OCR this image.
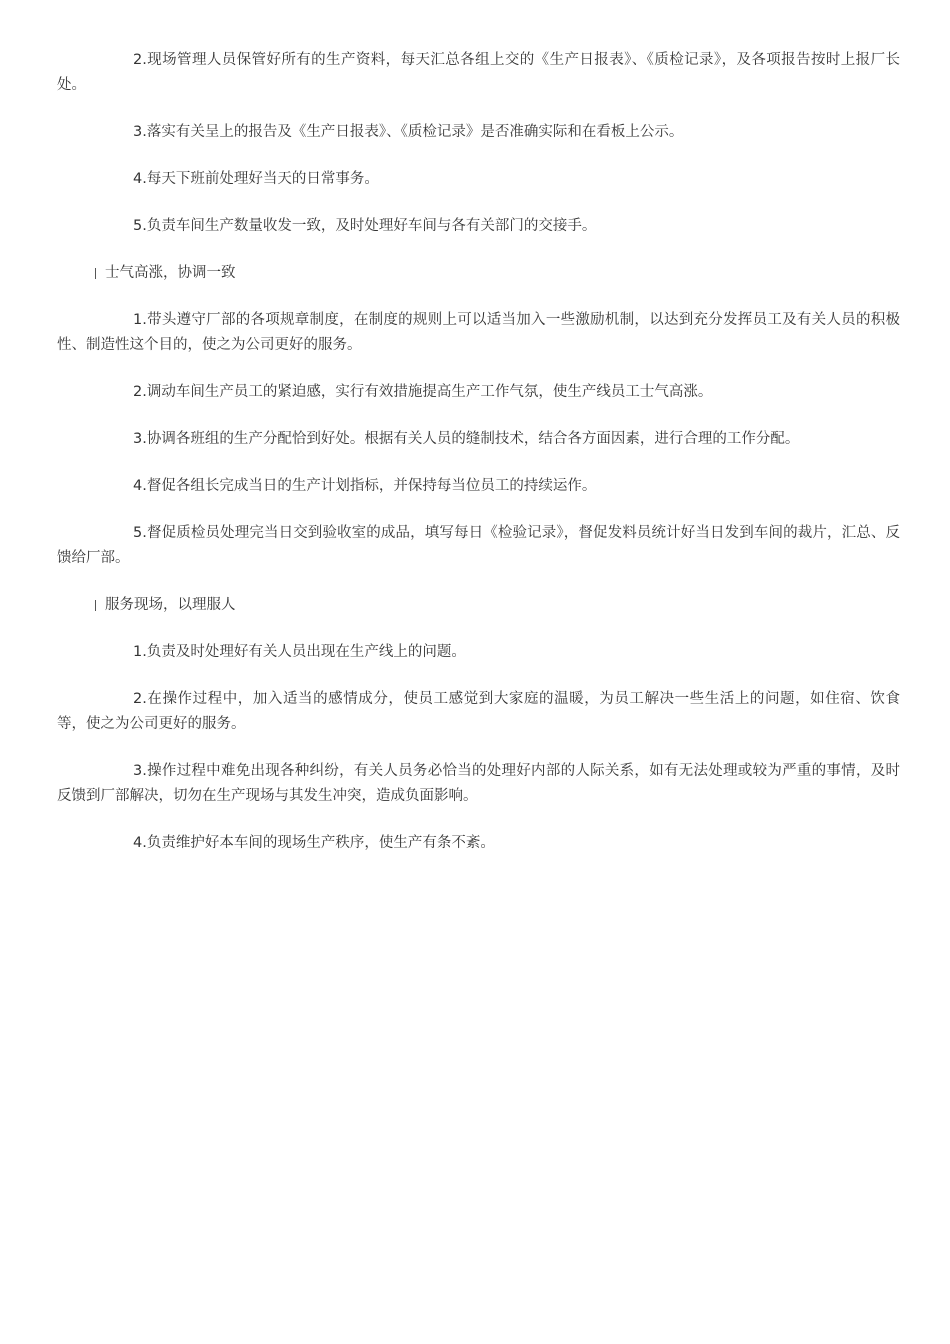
2.现场管理人员保管好所有的生产资料，每天汇总各组上交的《生产日报表》、《质检记录》，及各项报告按时上报厂长处。

3.落实有关呈上的报告及《生产日报表》、《质检记录》是否准确实际和在看板上公示。

4.每天下班前处理好当天的日常事务。

5.负责车间生产数量收发一致，及时处理好车间与各有关部门的交接手。

士气高涨，协调一致

1.带头遵守厂部的各项规章制度，在制度的规则上可以适当加入一些激励机制，以达到充分发挥员工及有关人员的积极性、制造性这个目的，使之为公司更好的服务。

2.调动车间生产员工的紧迫感，实行有效措施提高生产工作气氛，使生产线员工士气高涨。

3.协调各班组的生产分配恰到好处。根据有关人员的缝制技术，结合各方面因素，进行合理的工作分配。

4.督促各组长完成当日的生产计划指标，并保持每当位员工的持续运作。

5.督促质检员处理完当日交到验收室的成品，填写每日《检验记录》，督促发料员统计好当日发到车间的裁片，汇总、反馈给厂部。

服务现场，以理服人

1.负责及时处理好有关人员出现在生产线上的问题。

2.在操作过程中，加入适当的感情成分，使员工感觉到大家庭的温暖，为员工解决一些生活上的问题，如住宿、饮食等，使之为公司更好的服务。

3.操作过程中难免出现各种纠纷，有关人员务必恰当的处理好内部的人际关系，如有无法处理或较为严重的事情，及时反馈到厂部解决，切勿在生产现场与其发生冲突，造成负面影响。

4.负责维护好本车间的现场生产秩序，使生产有条不紊。
